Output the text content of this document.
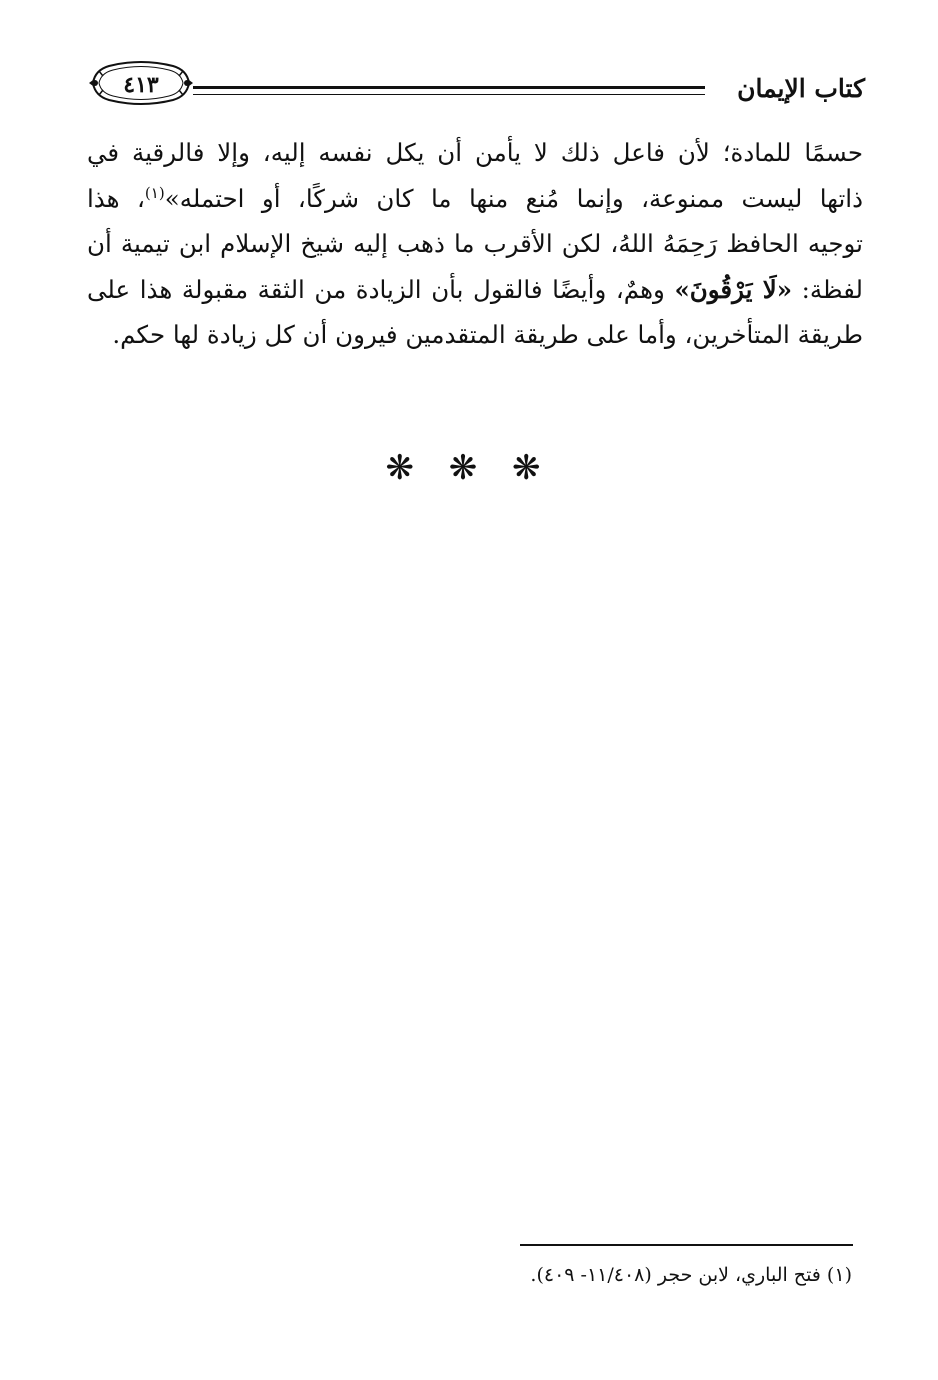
كتاب الإيمان
٤١٣
حسمًا للمادة؛ لأن فاعل ذلك لا يأمن أن يكل نفسه إليه، وإلا فالرقية في
ذاتها ليست ممنوعة، وإنما مُنع منها ما كان شركًا، أو احتمله»$^{(١)}$، هذا
توجيه الحافظ رَحِمَهُ اللهُ، لكن الأقرب ما ذهب إليه شيخ الإسلام ابن تيمية أن
لفظة: «لَا يَرْقُونَ» وهمٌ، وأيضًا فالقول بأن الزيادة من الثقة مقبولة هذا على
طريقة المتأخرين، وأما على طريقة المتقدمين فيرون أن كل زيادة لها حكم.
❋ ❋ ❋
(١) فتح الباري، لابن حجر (١١/٤٠٨- ٤٠٩).
